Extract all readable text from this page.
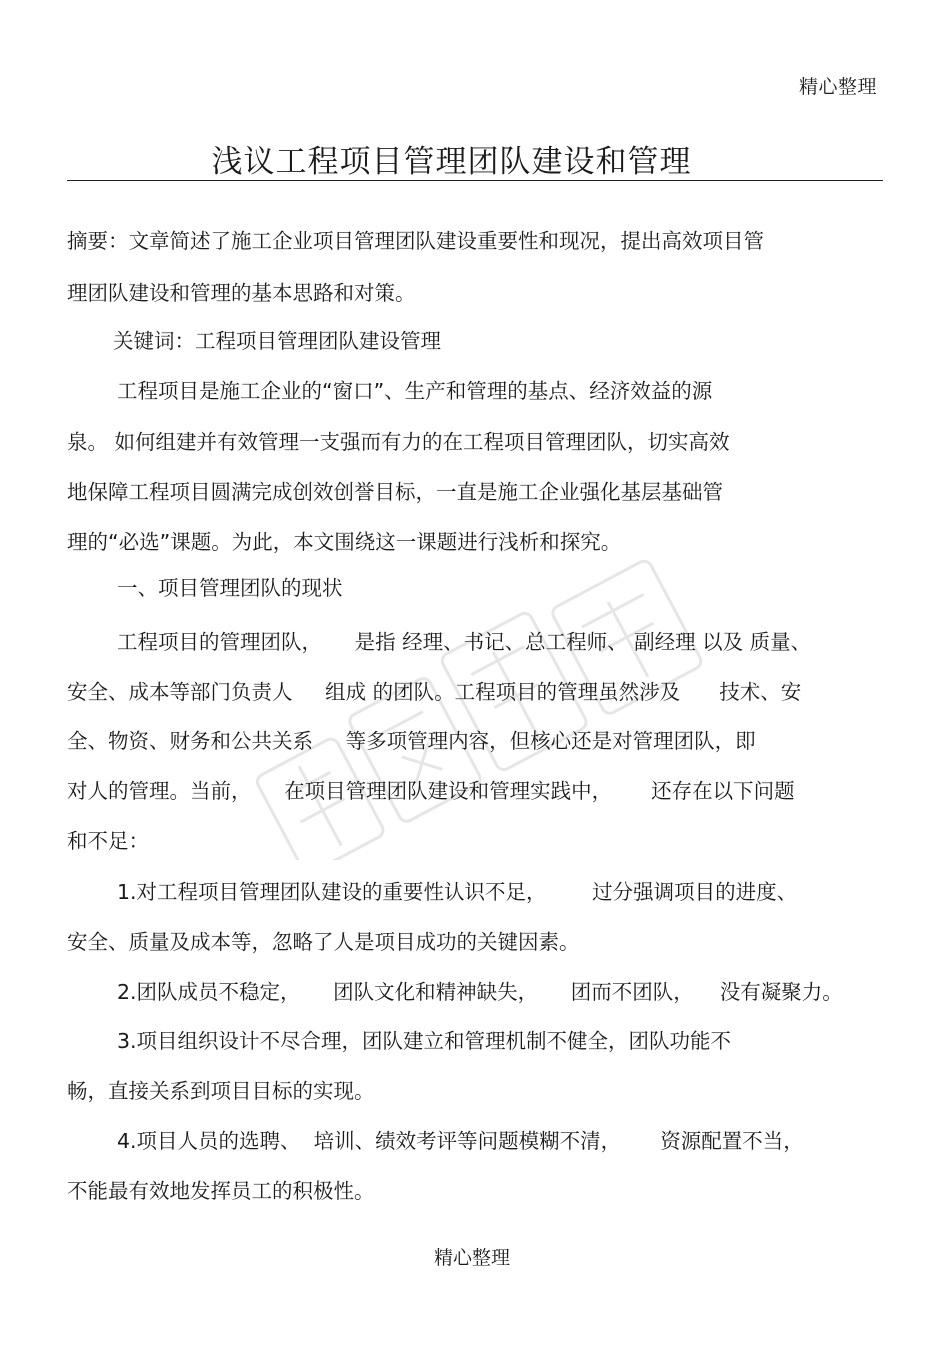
精心整理
浅议工程项目管理团队建设和管理
摘要：文章简述了施工企业项目管理团队建设重要性和现况，提出高效项目管
理团队建设和管理的基本思路和对策。
关键词：工程项目管理团队建设管理
工程项目是施工企业的“窗口”、生产和管理的基点、经济效益的源
泉。 如何组建并有效管理一支强而有力的在工程项目管理团队，切实高效
地保障工程项目圆满完成创效创誉目标，一直是施工企业强化基层基础管
理的“必选”课题。为此，本文围绕这一课题进行浅析和探究。
一、项目管理团队的现状
工程项目的管理团队，     是指 经理、书记、总工程师、 副经理 以及 质量、
安全、成本等部门负责人     组成 的团队。工程项目的管理虽然涉及      技术、安
全、物资、财务和公共关系     等多项管理内容，但核心还是对管理团队，即
对人的管理。当前，     在项目管理团队建设和管理实践中，      还存在以下问题
和不足：
1.对工程项目管理团队建设的重要性认识不足，       过分强调项目的进度、
安全、质量及成本等，忽略了人是项目成功的关键因素。
2.团队成员不稳定，     团队文化和精神缺失，     团而不团队，    没有凝聚力。
3.项目组织设计不尽合理，团队建立和管理机制不健全，团队功能不
畅，直接关系到项目目标的实现。
4.项目人员的选聘、  培训、绩效考评等问题模糊不清，      资源配置不当，
不能最有效地发挥员工的积极性。
精心整理
